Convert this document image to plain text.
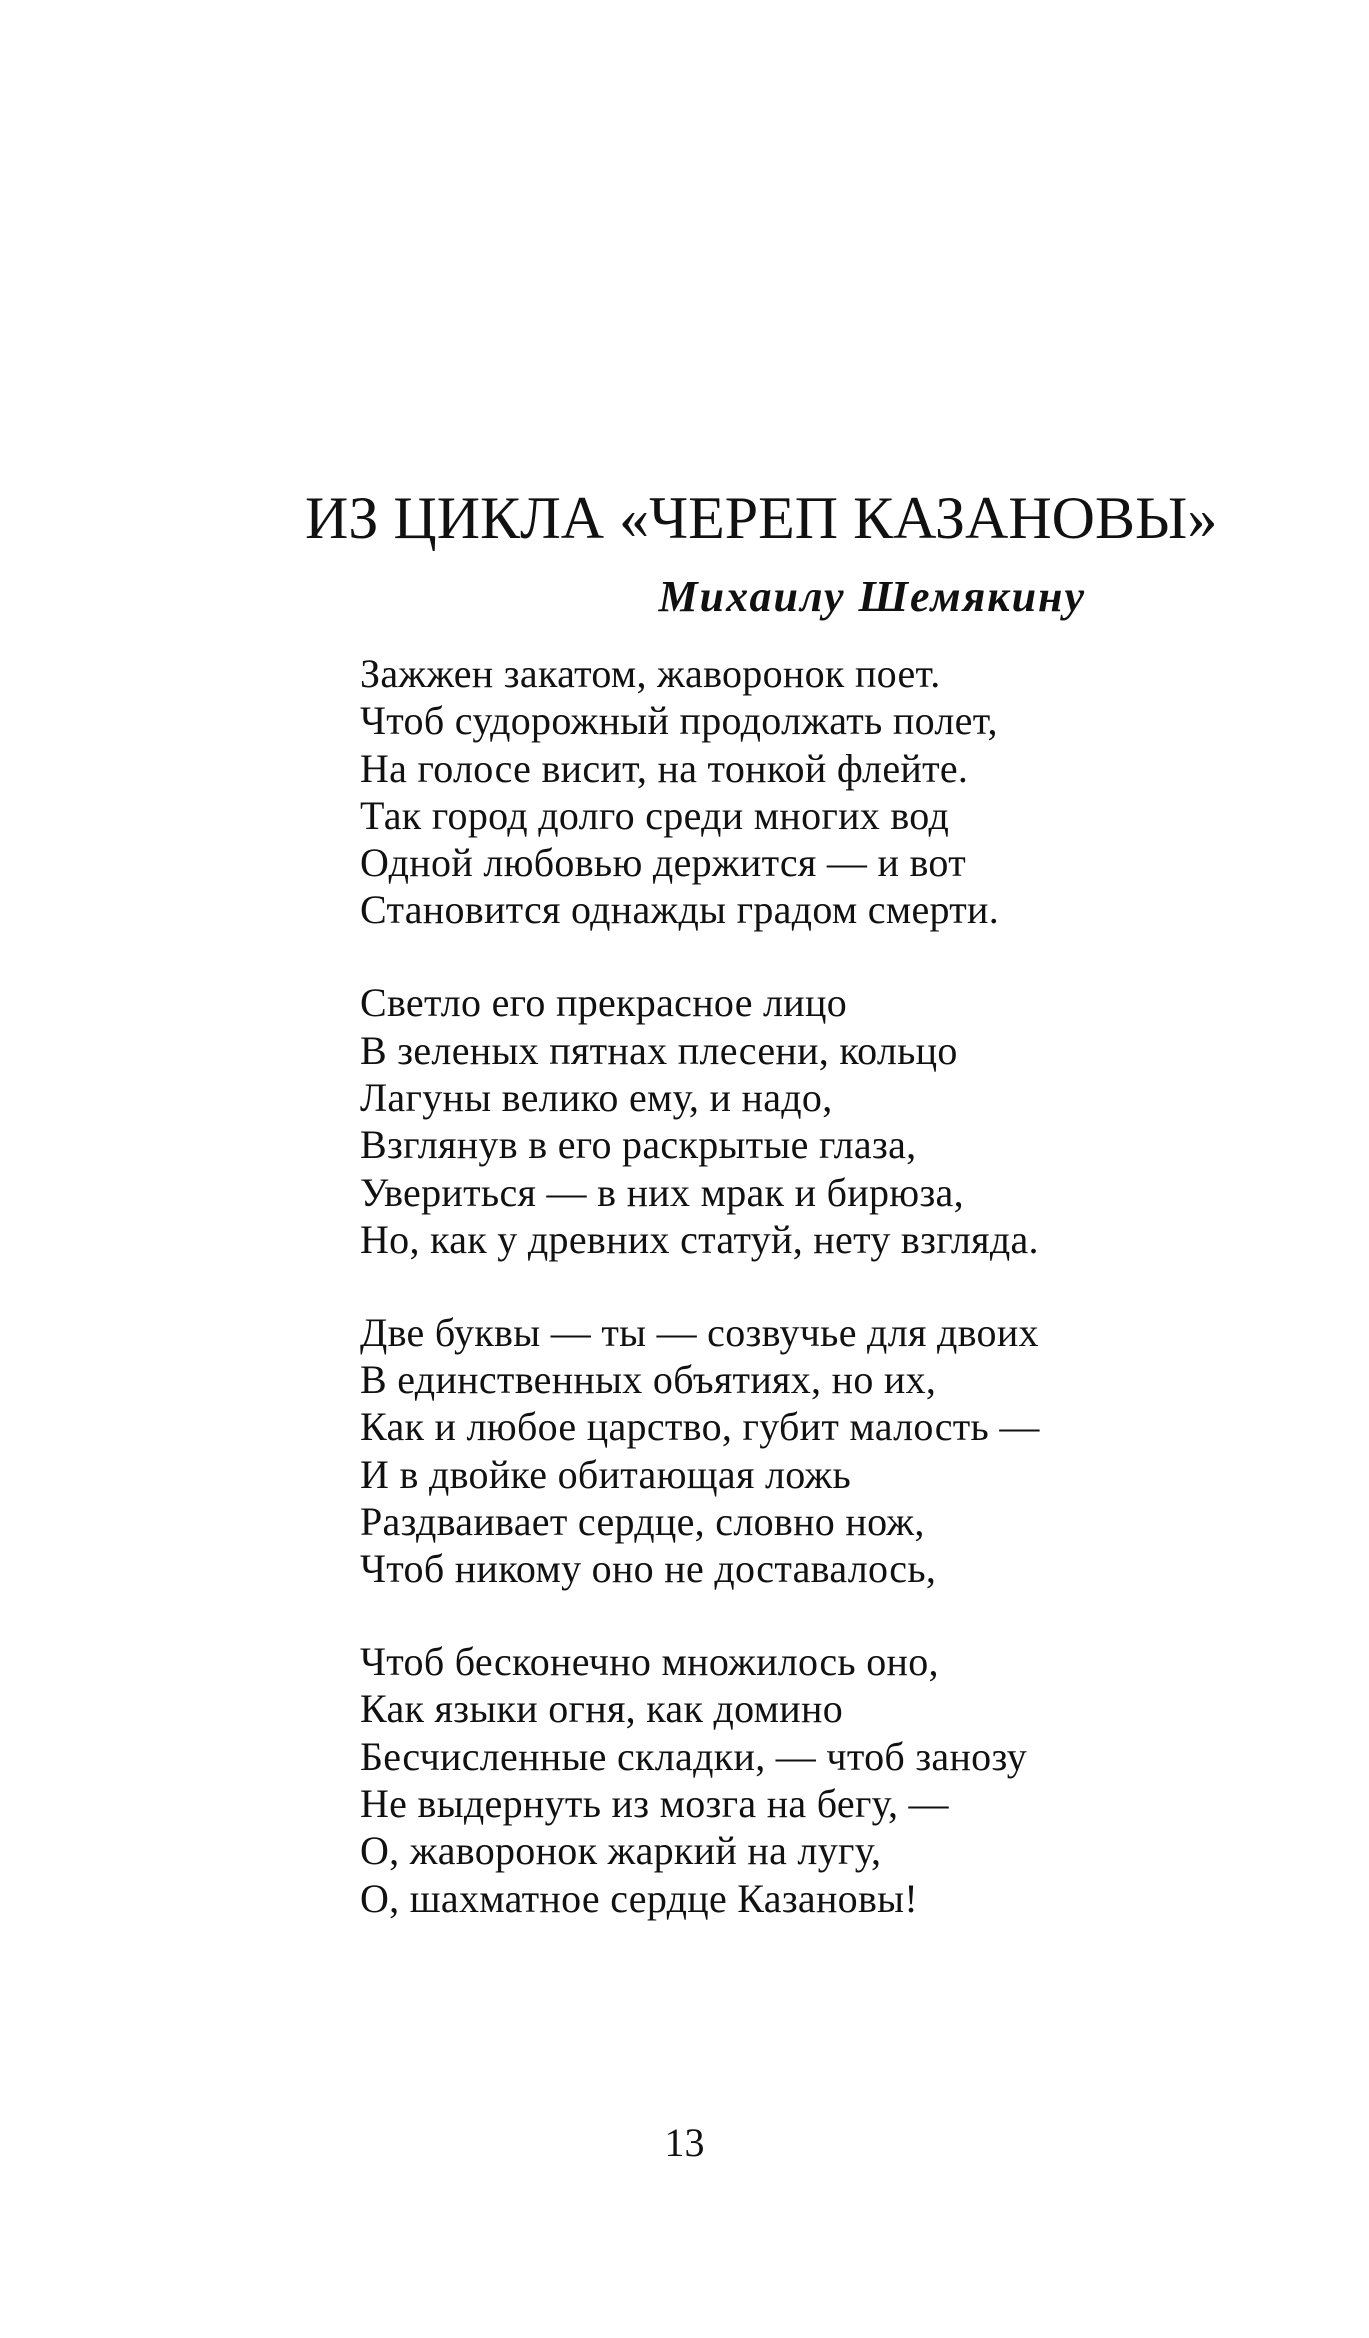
ИЗ ЦИКЛА «ЧЕРЕП КАЗАНОВЫ»

Михаилу Шемякину

Зажжен закатом, жаворонок поет.
Чтоб судорожный продолжать полет,
На голосе висит, на тонкой флейте.
Так город долго среди многих вод
Одной любовью держится — и вот
Становится однажды градом смерти.
Светло его прекрасное лицо
В зеленых пятнах плесени, кольцо
Лагуны велико ему, и надо,
Взглянув в его раскрытые глаза,
Увериться — в них мрак и бирюза,
Но, как у древних статуй, нету взгляда.
Две буквы — ты — созвучье для двоих
В единственных объятиях, но их,
Как и любое царство, губит малость —
И в двойке обитающая ложь
Раздваивает сердце, словно нож,
Чтоб никому оно не доставалось,
Чтоб бесконечно множилось оно,
Как языки огня, как домино
Бесчисленные складки, — чтоб занозу
Не выдернуть из мозга на бегу, —
О, жаворонок жаркий на лугу,
О, шахматное сердце Казановы!
13
